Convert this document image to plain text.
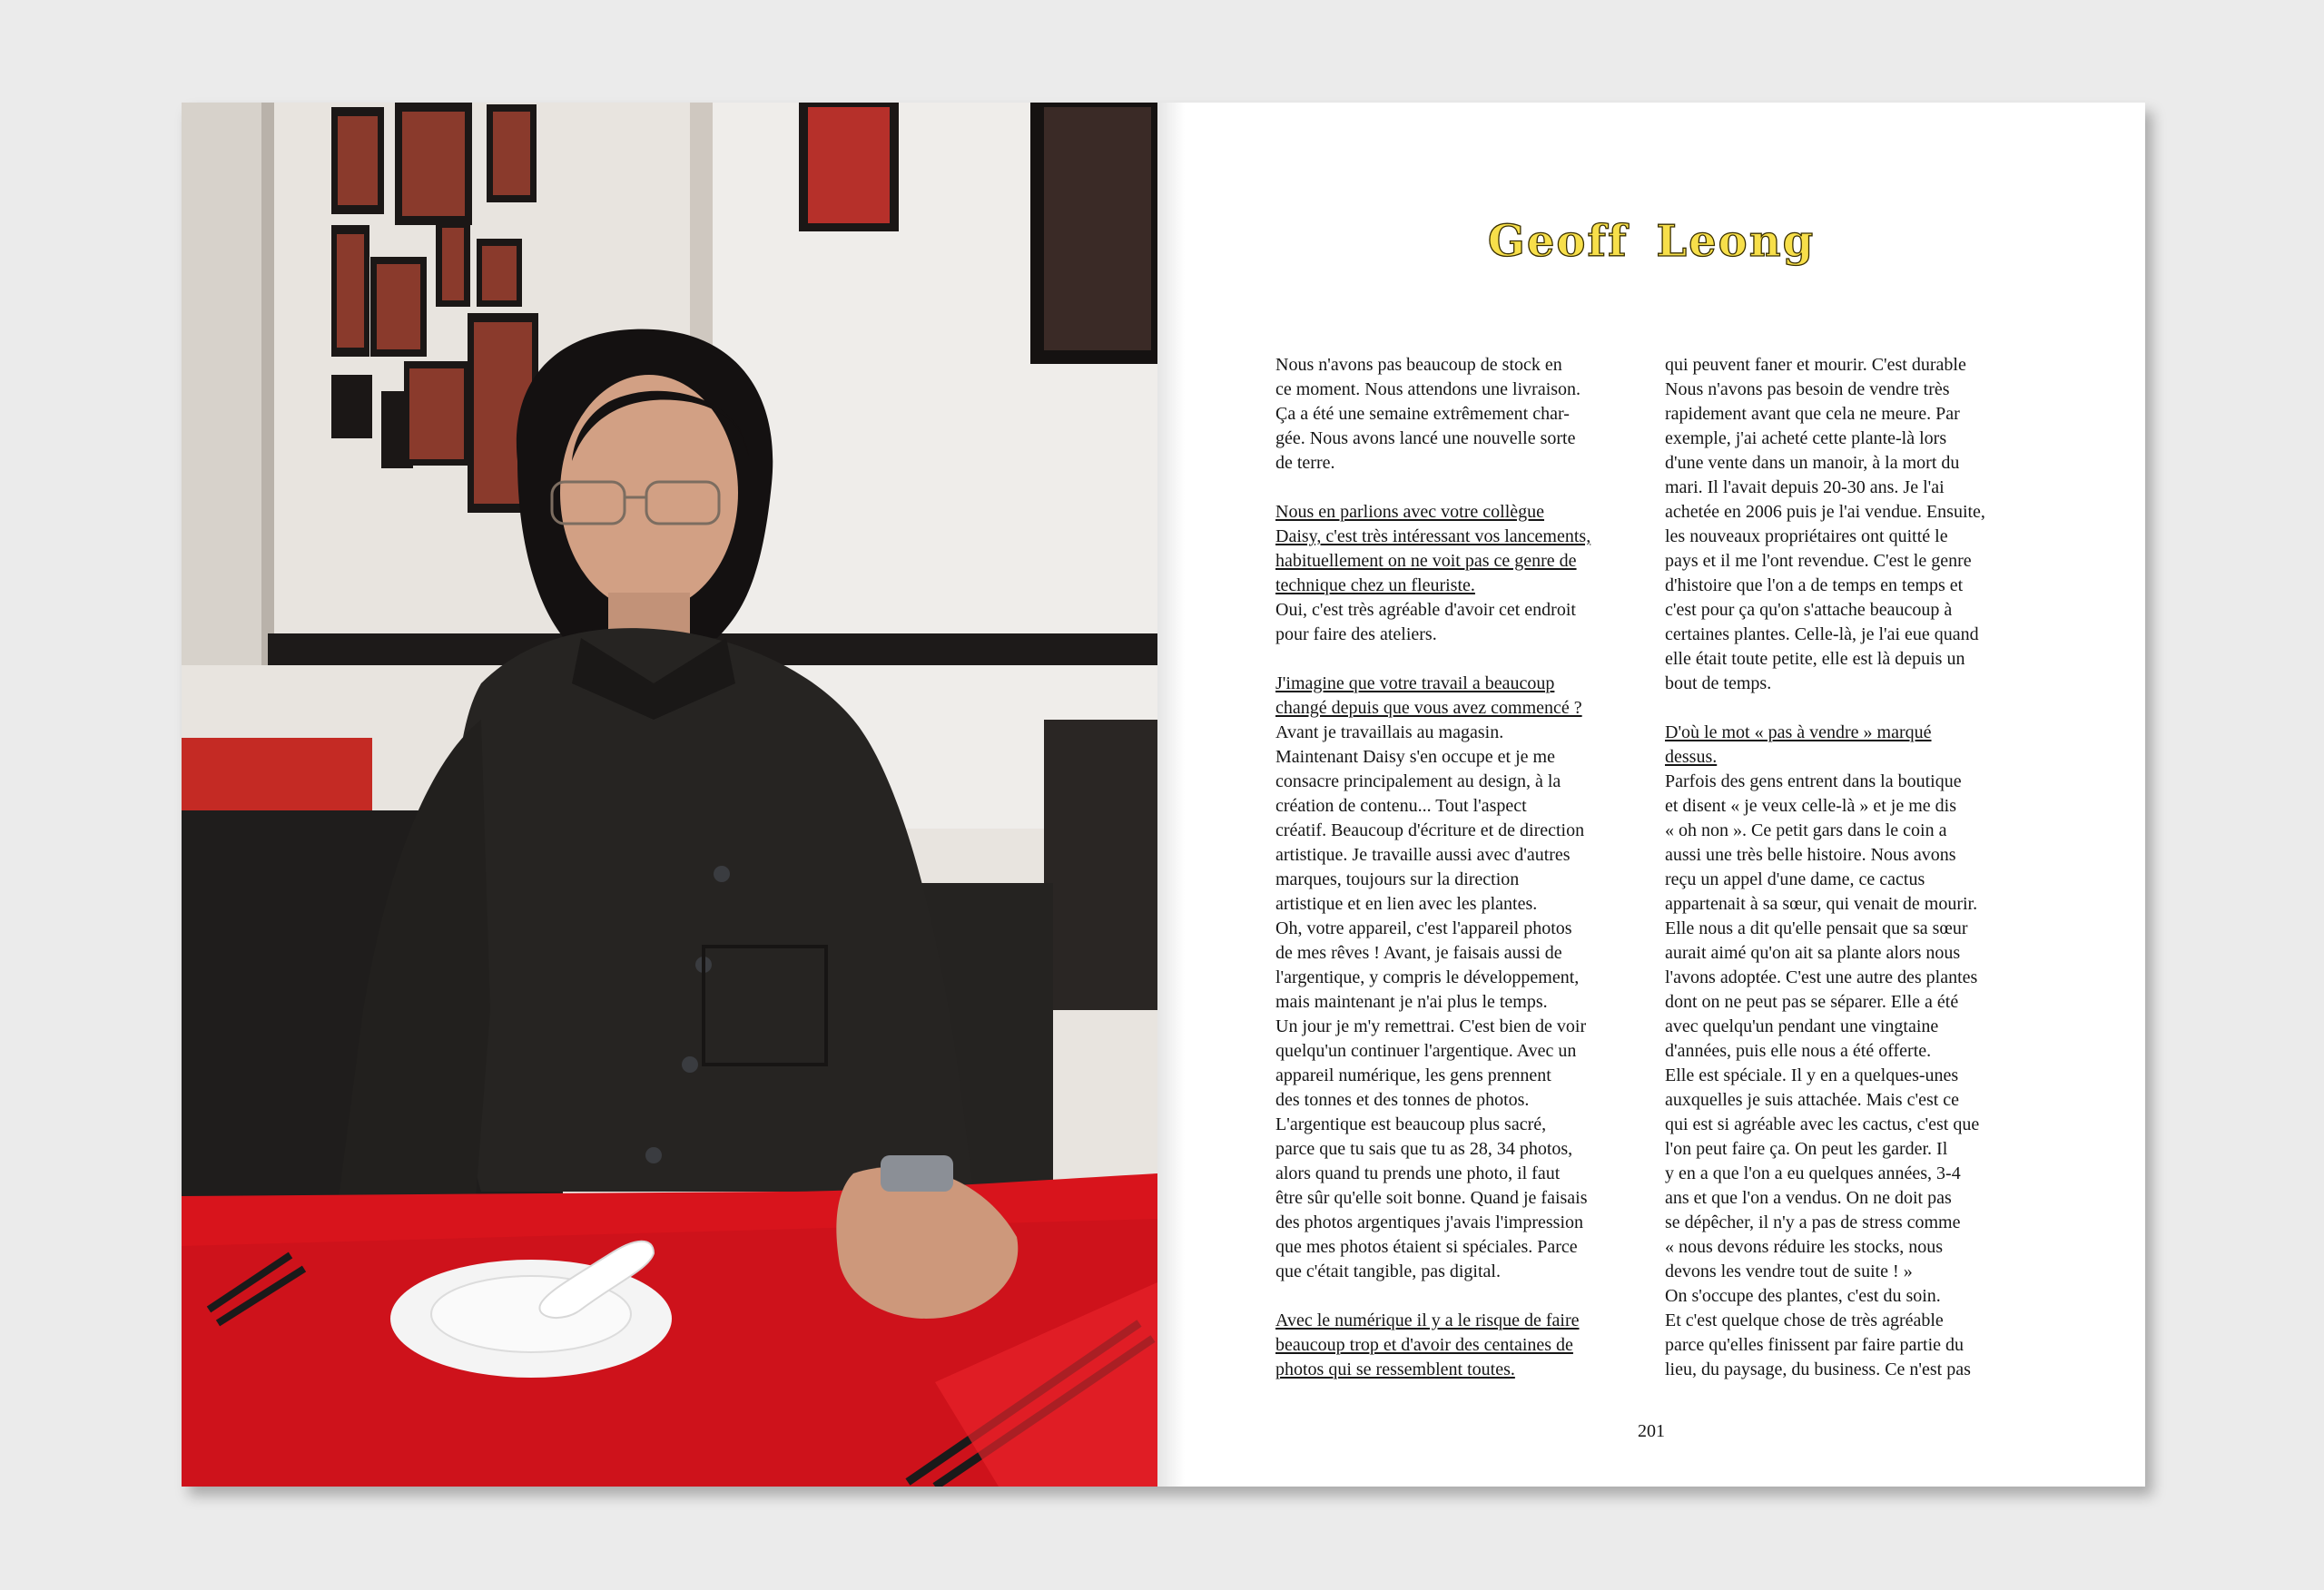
Geoff Leong

Nous n'avons pas beaucoup de stock en
ce moment. Nous attendons une livraison.
Ça a été une semaine extrêmement char-
gée. Nous avons lancé une nouvelle sorte
de terre.

Nous en parlions avec votre collègue
Daisy, c'est très intéressant vos lancements,
habituellement on ne voit pas ce genre de
technique chez un fleuriste.

Oui, c'est très agréable d'avoir cet endroit
pour faire des ateliers.

J'imagine que votre travail a beaucoup
changé depuis que vous avez commencé ?

Avant je travaillais au magasin.
Maintenant Daisy s'en occupe et je me
consacre principalement au design, à la
création de contenu... Tout l'aspect
créatif. Beaucoup d'écriture et de direction
artistique. Je travaille aussi avec d'autres
marques, toujours sur la direction
artistique et en lien avec les plantes.
Oh, votre appareil, c'est l'appareil photos
de mes rêves ! Avant, je faisais aussi de
l'argentique, y compris le développement,
mais maintenant je n'ai plus le temps.
Un jour je m'y remettrai. C'est bien de voir
quelqu'un continuer l'argentique. Avec un
appareil numérique, les gens prennent
des tonnes et des tonnes de photos.
L'argentique est beaucoup plus sacré,
parce que tu sais que tu as 28, 34 photos,
alors quand tu prends une photo, il faut
être sûr qu'elle soit bonne. Quand je faisais
des photos argentiques j'avais l'impression
que mes photos étaient si spéciales. Parce
que c'était tangible, pas digital.

Avec le numérique il y a le risque de faire
beaucoup trop et d'avoir des centaines de
photos qui se ressemblent toutes.

qui peuvent faner et mourir. C'est durable
Nous n'avons pas besoin de vendre très
rapidement avant que cela ne meure. Par
exemple, j'ai acheté cette plante-là lors
d'une vente dans un manoir, à la mort du
mari. Il l'avait depuis 20-30 ans. Je l'ai
achetée en 2006 puis je l'ai vendue. Ensuite,
les nouveaux propriétaires ont quitté le
pays et il me l'ont revendue. C'est le genre
d'histoire que l'on a de temps en temps et
c'est pour ça qu'on s'attache beaucoup à
certaines plantes. Celle-là, je l'ai eue quand
elle était toute petite, elle est là depuis un
bout de temps.

D'où le mot « pas à vendre » marqué
dessus.

Parfois des gens entrent dans la boutique
et disent « je veux celle-là » et je me dis
« oh non ». Ce petit gars dans le coin a
aussi une très belle histoire. Nous avons
reçu un appel d'une dame, ce cactus
appartenait à sa sœur, qui venait de mourir.
Elle nous a dit qu'elle pensait que sa sœur
aurait aimé qu'on ait sa plante alors nous
l'avons adoptée. C'est une autre des plantes
dont on ne peut pas se séparer. Elle a été
avec quelqu'un pendant une vingtaine
d'années, puis elle nous a été offerte.
Elle est spéciale. Il y en a quelques-unes
auxquelles je suis attachée. Mais c'est ce
qui est si agréable avec les cactus, c'est que
l'on peut faire ça. On peut les garder. Il
y en a que l'on a eu quelques années, 3-4
ans et que l'on a vendus. On ne doit pas
se dépêcher, il n'y a pas de stress comme
« nous devons réduire les stocks, nous
devons les vendre tout de suite ! »
On s'occupe des plantes, c'est du soin.
Et c'est quelque chose de très agréable
parce qu'elles finissent par faire partie du
lieu, du paysage, du business. Ce n'est pas

201
